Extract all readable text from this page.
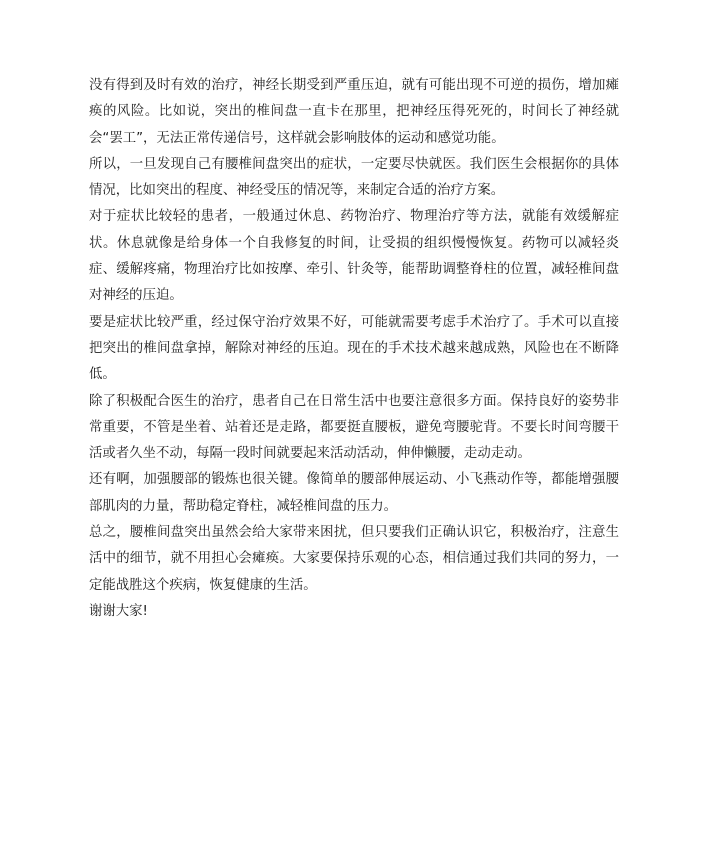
没有得到及时有效的治疗，神经长期受到严重压迫，就有可能出现不可逆的损伤，增加瘫痪的风险。比如说，突出的椎间盘一直卡在那里，把神经压得死死的，时间长了神经就会“罢工”，无法正常传递信号，这样就会影响肢体的运动和感觉功能。

所以，一旦发现自己有腰椎间盘突出的症状，一定要尽快就医。我们医生会根据你的具体情况，比如突出的程度、神经受压的情况等，来制定合适的治疗方案。

对于症状比较轻的患者，一般通过休息、药物治疗、物理治疗等方法，就能有效缓解症状。休息就像是给身体一个自我修复的时间，让受损的组织慢慢恢复。药物可以减轻炎症、缓解疼痛，物理治疗比如按摩、牵引、针灸等，能帮助调整脊柱的位置，减轻椎间盘对神经的压迫。

要是症状比较严重，经过保守治疗效果不好，可能就需要考虑手术治疗了。手术可以直接把突出的椎间盘拿掉，解除对神经的压迫。现在的手术技术越来越成熟，风险也在不断降低。

除了积极配合医生的治疗，患者自己在日常生活中也要注意很多方面。保持良好的姿势非常重要，不管是坐着、站着还是走路，都要挺直腰板，避免弯腰驼背。不要长时间弯腰干活或者久坐不动，每隔一段时间就要起来活动活动，伸伸懒腰，走动走动。

还有啊，加强腰部的锻炼也很关键。像简单的腰部伸展运动、小飞燕动作等，都能增强腰部肌肉的力量，帮助稳定脊柱，减轻椎间盘的压力。

总之，腰椎间盘突出虽然会给大家带来困扰，但只要我们正确认识它，积极治疗，注意生活中的细节，就不用担心会瘫痪。大家要保持乐观的心态，相信通过我们共同的努力，一定能战胜这个疾病，恢复健康的生活。

谢谢大家!
